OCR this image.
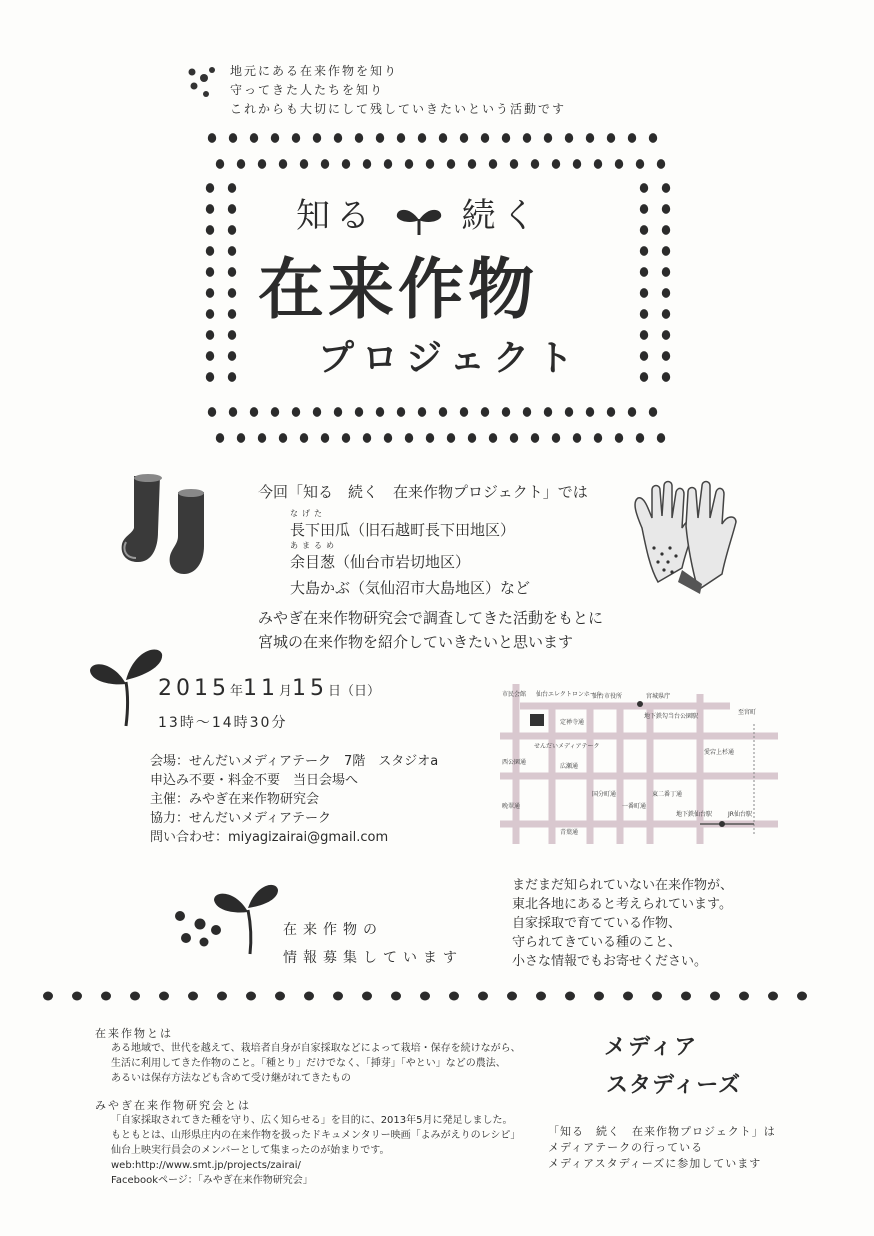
地元にある在来作物を知り
守ってきた人たちを知り
これからも大切にして残していきたいという活動です
知る	続く
在来作物
プロジェクト
今回「知る　続く　在来作物プロジェクト」では
なげた
長下田瓜（旧石越町長下田地区）
あまるめ
余目葱（仙台市岩切地区）
大島かぶ（気仙沼市大島地区）など
みやぎ在来作物研究会で調査してきた活動をもとに
宮城の在来作物を紹介していきたいと思います
2015年11月15日（日）
13時〜14時30分
会場：せんだいメディアテーク　7階　スタジオa
申込み不要・料金不要　当日会場へ
主催：みやぎ在来作物研究会
協力：せんだいメディアテーク
問い合わせ：miyagizairai@gmail.com
仙台市役所	宮城県庁
せんだいメディアテーク
広瀬通
青葉通
定禅寺通
地下鉄勾当台公園駅
JR仙台駅
地下鉄仙台駅
西公園通
市民会館
東二番丁通
国分町通
一番町通
晩翠通
仙台エレクトロンホール
愛宕上杉通
至宮町
在来作物の
情報募集しています
まだまだ知られていない在来作物が、
東北各地にあると考えられています。
自家採取で育てている作物、
守られてきている種のこと、
小さな情報でもお寄せください。
在来作物とは
ある地域で、世代を越えて、栽培者自身が自家採取などによって栽培・保存を続けながら、
生活に利用してきた作物のこと。「種とり」だけでなく、「挿芽」「やとい」などの農法、
あるいは保存方法なども含めて受け継がれてきたもの
みやぎ在来作物研究会とは
「自家採取されてきた種を守り、広く知らせる」を目的に、2013年5月に発足しました。
もともとは、山形県庄内の在来作物を扱ったドキュメンタリー映画「よみがえりのレシピ」
仙台上映実行員会のメンバーとして集まったのが始まりです。
web:http://www.smt.jp/projects/zairai/
Facebookページ：「みやぎ在来作物研究会」
メディア
スタディーズ
「知る　続く　在来作物プロジェクト」は
メディアテークの行っている
メディアスタディーズに参加しています
